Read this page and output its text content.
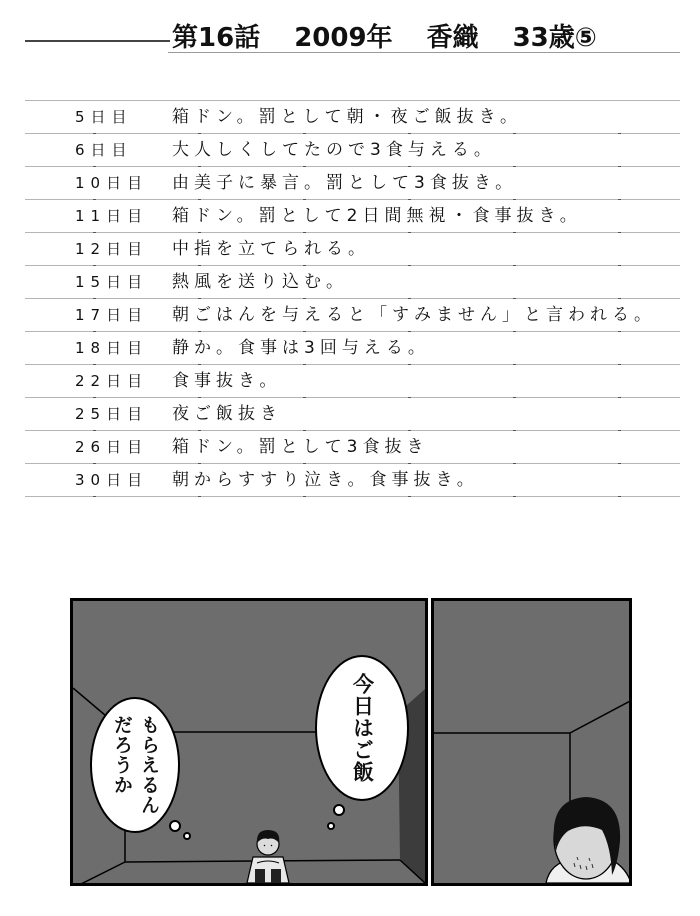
第16話 2009年 香織 33歳⑤
5日目 箱ドン。罰として朝・夜ご飯抜き。
6日目 大人しくしてたので3食与える。
10日目 由美子に暴言。罰として3食抜き。
11日目 箱ドン。罰として2日間無視・食事抜き。
12日目 中指を立てられる。
15日目 熱風を送り込む。
17日目 朝ごはんを与えると「すみません」と言われる。
18日目 静か。食事は3回与える。
22日目 食事抜き。
25日目 夜ご飯抜き
26日目 箱ドン。罰として3食抜き
30日目 朝からすすり泣き。食事抜き。
もらえるん
だろうか	今日はご飯
